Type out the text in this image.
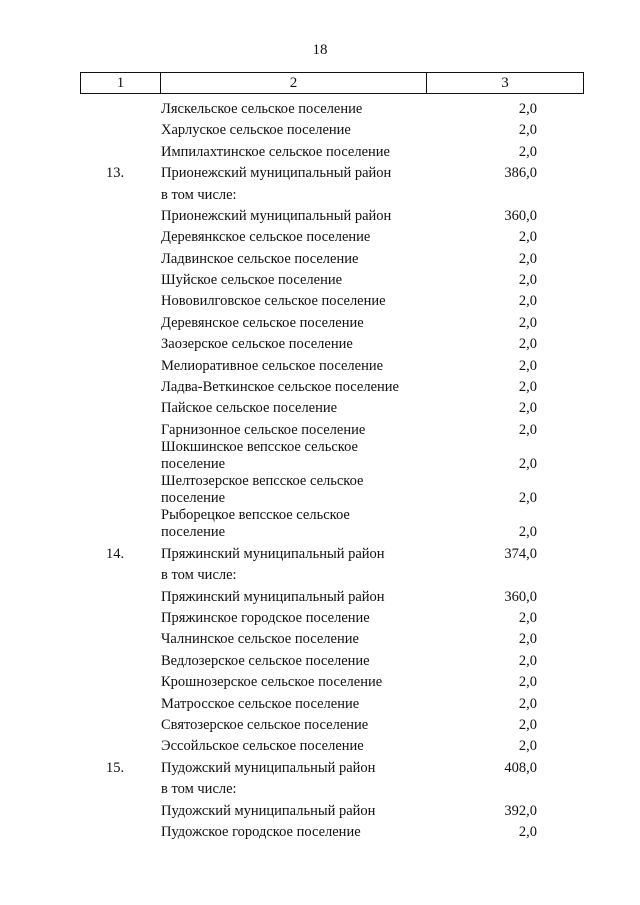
18
1	2	3
Ляскельское сельское поселение	2,0
Харлуское сельское поселение	2,0
Импилахтинское сельское поселение	2,0
13.	Прионежский муниципальный район	386,0
в том числе:
Прионежский муниципальный район	360,0
Деревянкское сельское поселение	2,0
Ладвинское сельское поселение	2,0
Шуйское сельское поселение	2,0
Нововилговское сельское поселение	2,0
Деревянское сельское поселение	2,0
Заозерское сельское поселение	2,0
Мелиоративное сельское поселение	2,0
Ладва-Веткинское сельское поселение	2,0
Пайское сельское поселение	2,0
Гарнизонное сельское поселение	2,0
Шокшинское вепсское сельское
поселение	2,0
Шелтозерское вепсское сельское
поселение	2,0
Рыборецкое вепсское сельское
поселение	2,0
14.	Пряжинский муниципальный район	374,0
в том числе:
Пряжинский муниципальный район	360,0
Пряжинское городское поселение	2,0
Чалнинское сельское поселение	2,0
Ведлозерское сельское поселение	2,0
Крошнозерское сельское поселение	2,0
Матросское сельское поселение	2,0
Святозерское сельское поселение	2,0
Эссойльское сельское поселение	2,0
15.	Пудожский муниципальный район	408,0
в том числе:
Пудожский муниципальный район	392,0
Пудожское городское поселение	2,0
